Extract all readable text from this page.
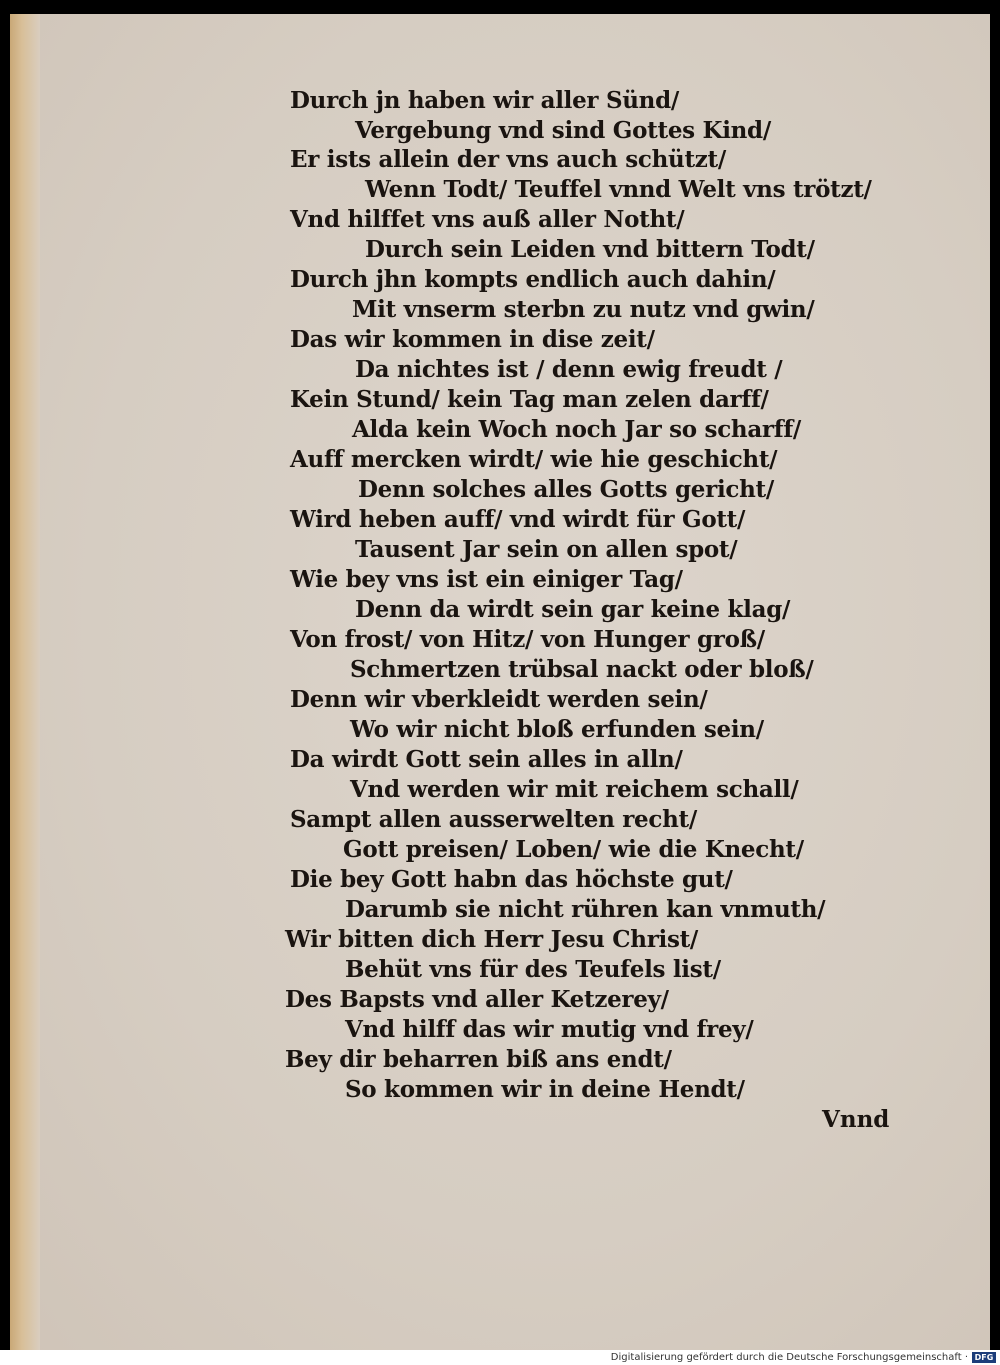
Durch jn haben wir aller Sünd/
Vergebung vnd sind Gottes Kind/
Er ists allein der vns auch schützt/
Wenn Todt/ Teuffel vnnd Welt vns trötzt/
Vnd hilffet vns auß aller Notht/
Durch sein Leiden vnd bittern Todt/
Durch jhn kompts endlich auch dahin/
Mit vnserm sterbn zu nutz vnd gwin/
Das wir kommen in dise zeit/
Da nichtes ist / denn ewig freudt /
Kein Stund/ kein Tag man zelen darff/
Alda kein Woch noch Jar so scharff/
Auff mercken wirdt/ wie hie geschicht/
Denn solches alles Gotts gericht/
Wird heben auff/ vnd wirdt für Gott/
Tausent Jar sein on allen spot/
Wie bey vns ist ein einiger Tag/
Denn da wirdt sein gar keine klag/
Von frost/ von Hitz/ von Hunger groß/
Schmertzen trübsal nackt oder bloß/
Denn wir vberkleidt werden sein/
Wo wir nicht bloß erfunden sein/
Da wirdt Gott sein alles in alln/
Vnd werden wir mit reichem schall/
Sampt allen ausserwelten recht/
Gott preisen/ Loben/ wie die Knecht/
Die bey Gott habn das höchste gut/
Darumb sie nicht rühren kan vnmuth/
Wir bitten dich Herr Jesu Christ/
Behüt vns für des Teufels list/
Des Bapsts vnd aller Ketzerey/
Vnd hilff das wir mutig vnd frey/
Bey dir beharren biß ans endt/
So kommen wir in deine Hendt/
Vnnd
Digitalisierung gefördert durch die Deutsche Forschungsgemeinschaft · DFG
